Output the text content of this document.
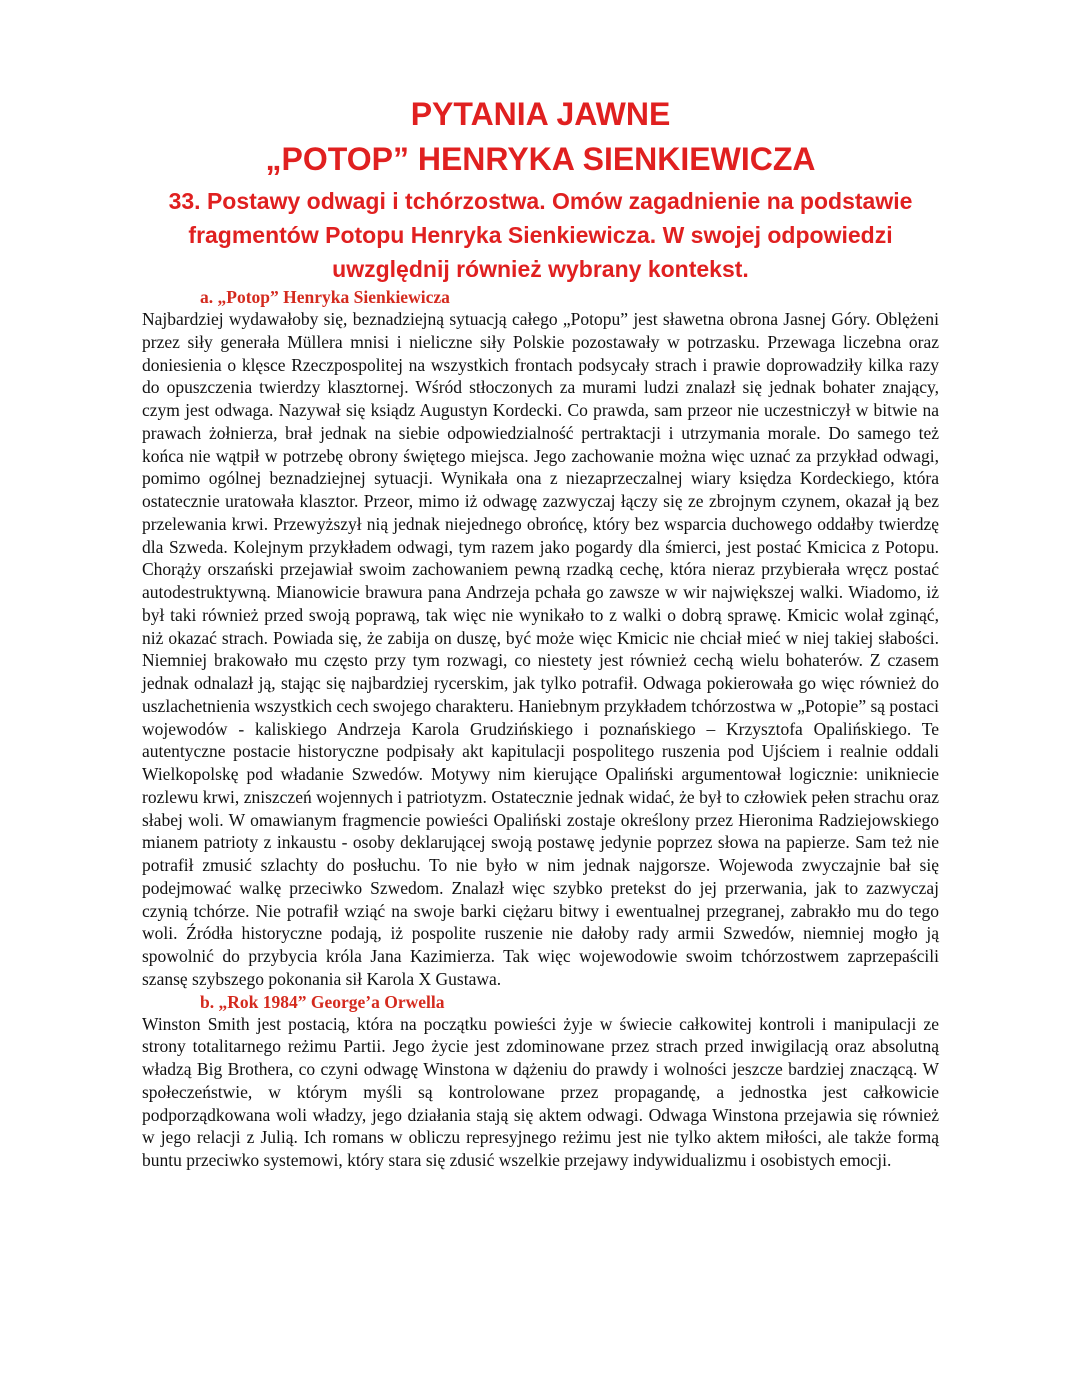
PYTANIA JAWNE
„POTOP” HENRYKA SIENKIEWICZA
33. Postawy odwagi i tchórzostwa. Omów zagadnienie na podstawie fragmentów Potopu Henryka Sienkiewicza. W swojej odpowiedzi uwzględnij również wybrany kontekst.
a. „Potop” Henryka Sienkiewicza

Najbardziej wydawałoby się, beznadziejną sytuacją całego „Potopu” jest sławetna obrona Jasnej Góry. Oblężeni przez siły generała Müllera mnisi i nieliczne siły Polskie pozostawały w potrzasku. Przewaga liczebna oraz doniesienia o klęsce Rzeczpospolitej na wszystkich frontach podsycały strach i prawie doprowadziły kilka razy do opuszczenia twierdzy klasztornej. Wśród stłoczonych za murami ludzi znalazł się jednak bohater znający, czym jest odwaga. Nazywał się ksiądz Augustyn Kordecki. Co prawda, sam przeor nie uczestniczył w bitwie na prawach żołnierza, brał jednak na siebie odpowiedzialność pertraktacji i utrzymania morale. Do samego też końca nie wątpił w potrzebę obrony świętego miejsca. Jego zachowanie można więc uznać za przykład odwagi, pomimo ogólnej beznadziejnej sytuacji. Wynikała ona z niezaprzeczalnej wiary księdza Kordeckiego, która ostatecznie uratowała klasztor. Przeor, mimo iż odwagę zazwyczaj łączy się ze zbrojnym czynem, okazał ją bez przelewania krwi. Przewyższył nią jednak niejednego obrońcę, który bez wsparcia duchowego oddałby twierdzę dla Szweda. Kolejnym przykładem odwagi, tym razem jako pogardy dla śmierci, jest postać Kmicica z Potopu. Chorąży orszański przejawiał swoim zachowaniem pewną rzadką cechę, która nieraz przybierała wręcz postać autodestruktywną. Mianowicie brawura pana Andrzeja pchała go zawsze w wir największej walki. Wiadomo, iż był taki również przed swoją poprawą, tak więc nie wynikało to z walki o dobrą sprawę. Kmicic wolał zginąć, niż okazać strach. Powiada się, że zabija on duszę, być może więc Kmicic nie chciał mieć w niej takiej słabości. Niemniej brakowało mu często przy tym rozwagi, co niestety jest również cechą wielu bohaterów. Z czasem jednak odnalazł ją, stając się najbardziej rycerskim, jak tylko potrafił. Odwaga pokierowała go więc również do uszlachetnienia wszystkich cech swojego charakteru. Haniebnym przykładem tchórzostwa w „Potopie” są postaci wojewodów - kaliskiego Andrzeja Karola Grudzińskiego i poznańskiego – Krzysztofa Opalińskiego. Te autentyczne postacie historyczne podpisały akt kapitulacji pospolitego ruszenia pod Ujściem i realnie oddali Wielkopolskę pod władanie Szwedów. Motywy nim kierujące Opaliński argumentował logicznie: unikniecie rozlewu krwi, zniszczeń wojennych i patriotyzm. Ostatecznie jednak widać, że był to człowiek pełen strachu oraz słabej woli. W omawianym fragmencie powieści Opaliński zostaje określony przez Hieronima Radziejowskiego mianem patrioty z inkaustu - osoby deklarującej swoją postawę jedynie poprzez słowa na papierze. Sam też nie potrafił zmusić szlachty do posłuchu. To nie było w nim jednak najgorsze. Wojewoda zwyczajnie bał się podejmować walkę przeciwko Szwedom. Znalazł więc szybko pretekst do jej przerwania, jak to zazwyczaj czynią tchórze. Nie potrafił wziąć na swoje barki ciężaru bitwy i ewentualnej przegranej, zabrakło mu do tego woli. Źródła historyczne podają, iż pospolite ruszenie nie dałoby rady armii Szwedów, niemniej mogło ją spowolnić do przybycia króla Jana Kazimierza. Tak więc wojewodowie swoim tchórzostwem zaprzepaścili szansę szybszego pokonania sił Karola X Gustawa.

b. „Rok 1984” George’a Orwella

Winston Smith jest postacią, która na początku powieści żyje w świecie całkowitej kontroli i manipulacji ze strony totalitarnego reżimu Partii. Jego życie jest zdominowane przez strach przed inwigilacją oraz absolutną władzą Big Brothera, co czyni odwagę Winstona w dążeniu do prawdy i wolności jeszcze bardziej znaczącą. W społeczeństwie, w którym myśli są kontrolowane przez propagandę, a jednostka jest całkowicie podporządkowana woli władzy, jego działania stają się aktem odwagi. Odwaga Winstona przejawia się również w jego relacji z Julią. Ich romans w obliczu represyjnego reżimu jest nie tylko aktem miłości, ale także formą buntu przeciwko systemowi, który stara się zdusić wszelkie przejawy indywidualizmu i osobistych emocji.
